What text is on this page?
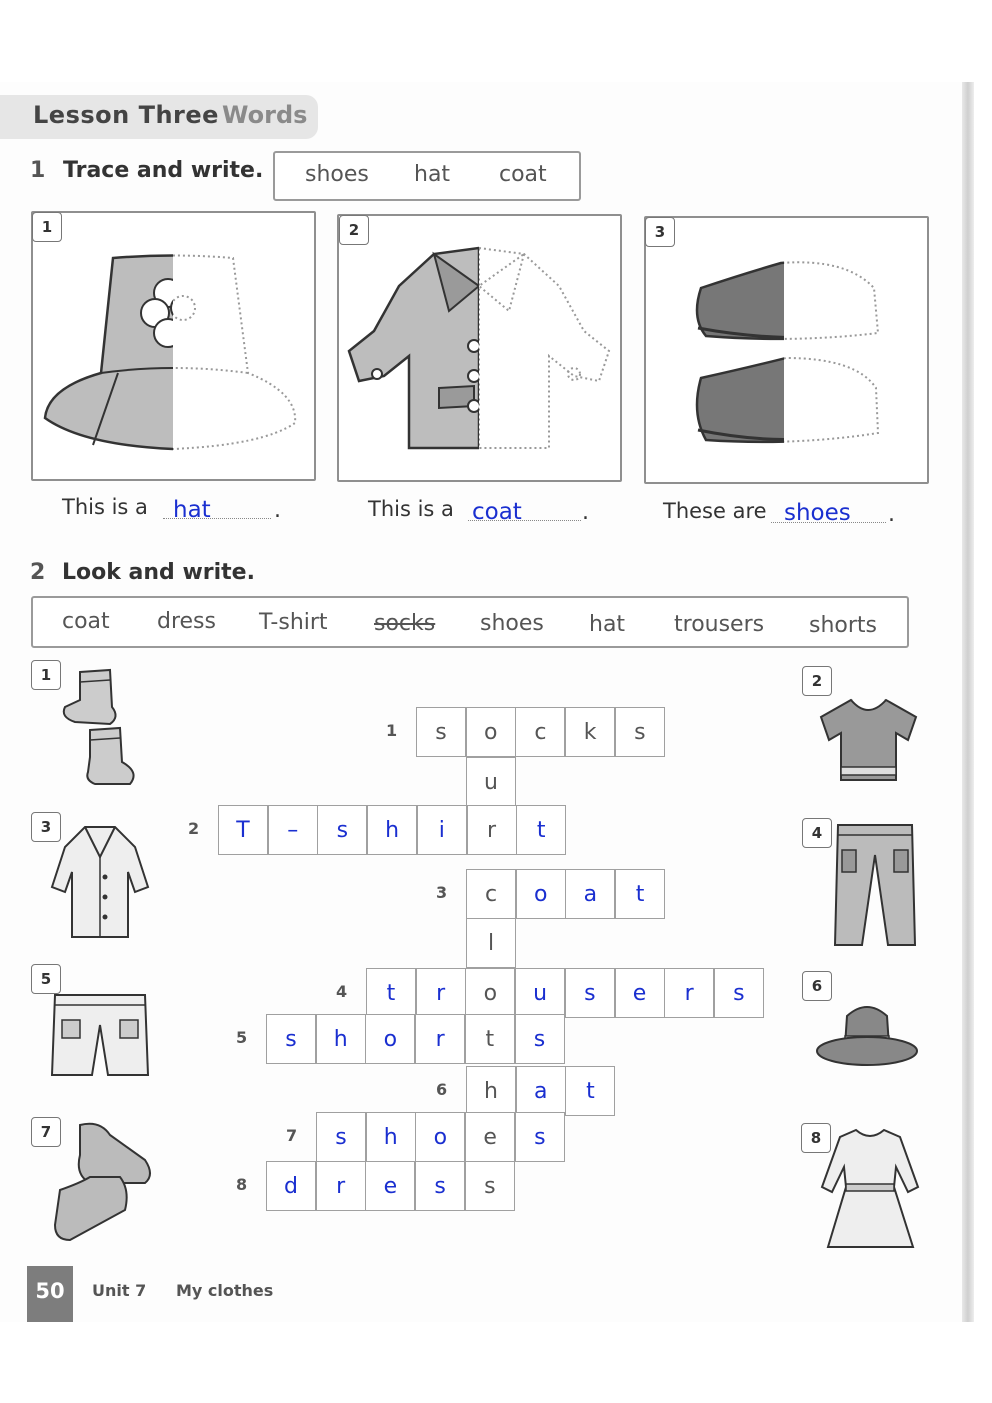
Lesson Three Words
1 Trace and write. shoes hat coat
1	2	3
This is a hat	.	This is a coat	.	These are shoes .
2 Look and write.
coat dress T-shirt socks shoes hat trousers shorts
1
3
5
7
2
4
6
8
s	o	c	k	s
1
u
T	–	s	h	i	r	t
2
c	o	a	t
3
l
t	r	o	u	s	e	r	s
4
s	h	o	r	t	s
5
h	a	t
6
s	h	o	e	s
7
d	r	e	s	s
8
50	Unit 7 My clothes
